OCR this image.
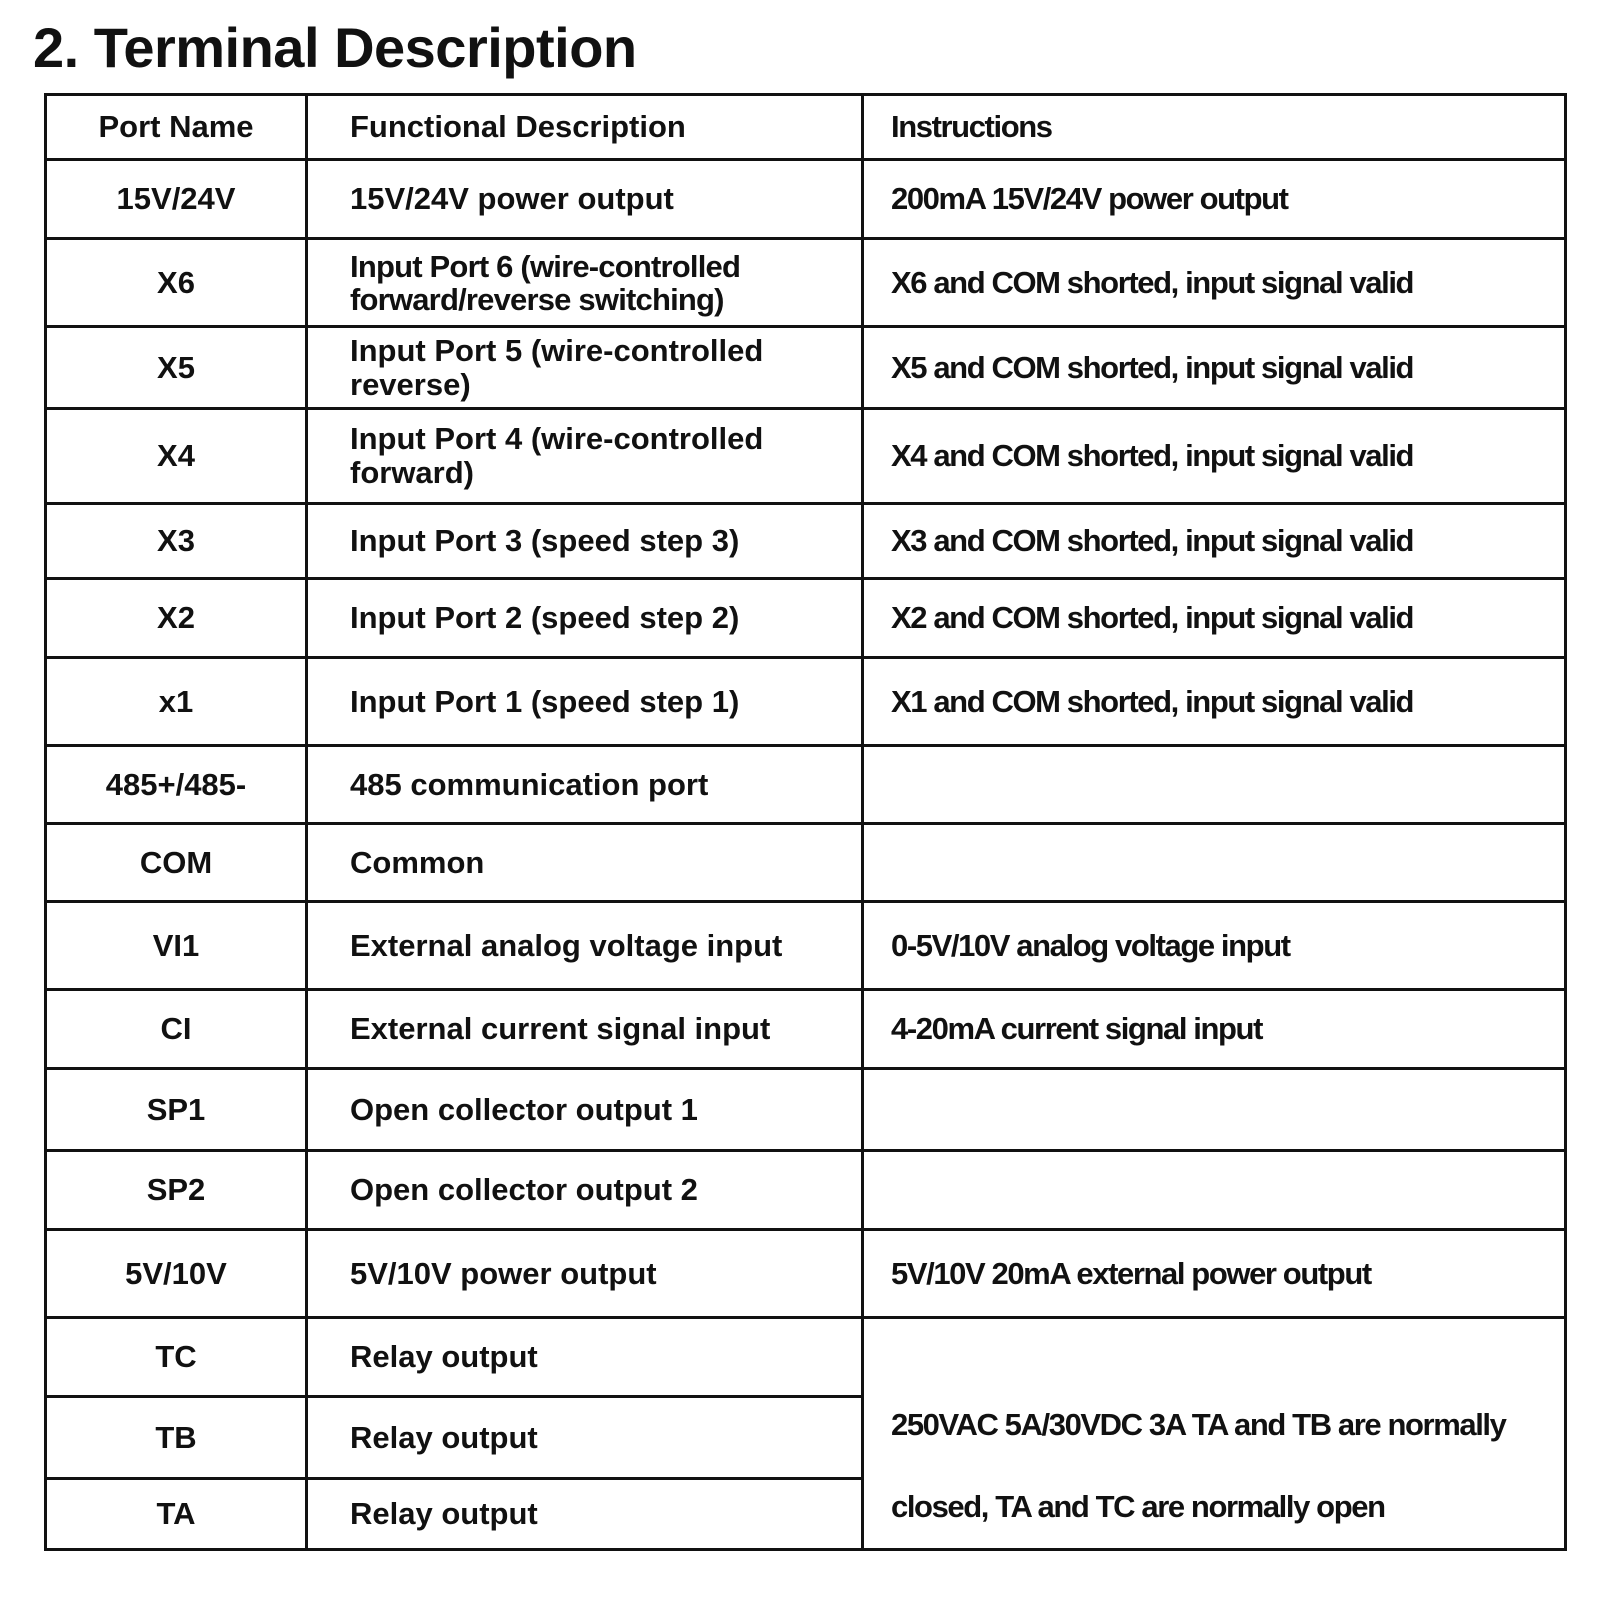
2. Terminal Description
Port Name	Functional Description	Instructions
15V/24V	15V/24V power output	200mA 15V/24V power output
X6	Input Port 6 (wire-controlled forward/reverse switching)	X6 and COM shorted, input signal valid
X5	Input Port 5 (wire-controlled reverse)	X5 and COM shorted, input signal valid
X4	Input Port 4 (wire-controlled forward)	X4 and COM shorted, input signal valid
X3	Input Port 3 (speed step 3)	X3 and COM shorted, input signal valid
X2	Input Port 2 (speed step 2)	X2 and COM shorted, input signal valid
x1	Input Port 1 (speed step 1)	X1 and COM shorted, input signal valid
485+/485-	485 communication port	
COM	Common	
VI1	External analog voltage input	0-5V/10V analog voltage input
CI	External current signal input	4-20mA current signal input
SP1	Open collector output 1	
SP2	Open collector output 2	
5V/10V	5V/10V power output	5V/10V 20mA external power output
TC	Relay output	250VAC 5A/30VDC 3A TA and TB are normally closed, TA and TC are normally open
TB	Relay output	
TA	Relay output	
